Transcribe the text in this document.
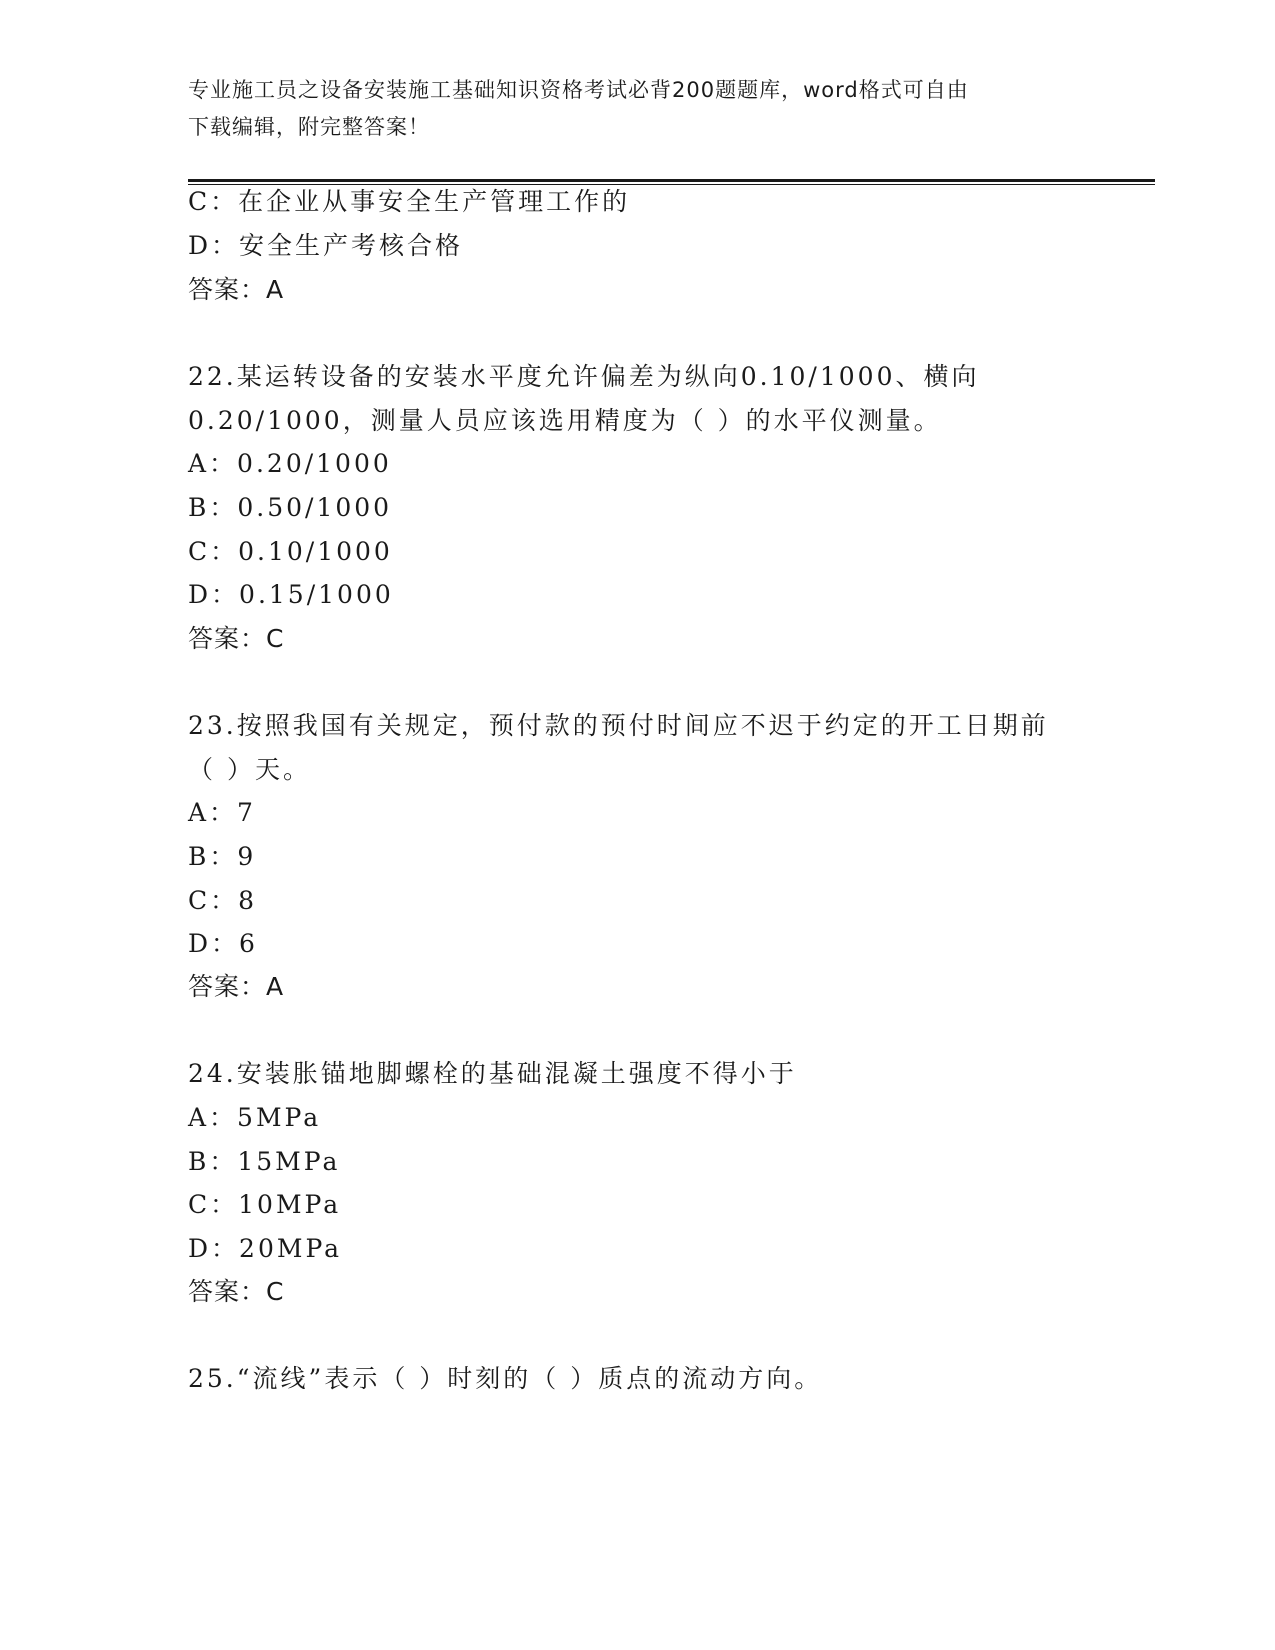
专业施工员之设备安装施工基础知识资格考试必背200题题库，word格式可自由
下载编辑，附完整答案！
C：在企业从事安全生产管理工作的
D：安全生产考核合格
答案：A
22.某运转设备的安装水平度允许偏差为纵向0.10/1000、横向
0.20/1000，测量人员应该选用精度为（ ）的水平仪测量。
A：0.20/1000
B：0.50/1000
C：0.10/1000
D：0.15/1000
答案：C
23.按照我国有关规定，预付款的预付时间应不迟于约定的开工日期前
（ ）天。
A：7
B：9
C：8
D：6
答案：A
24.安装胀锚地脚螺栓的基础混凝土强度不得小于
A：5MPa
B：15MPa
C：10MPa
D：20MPa
答案：C
25.“流线”表示（ ）时刻的（ ）质点的流动方向。
